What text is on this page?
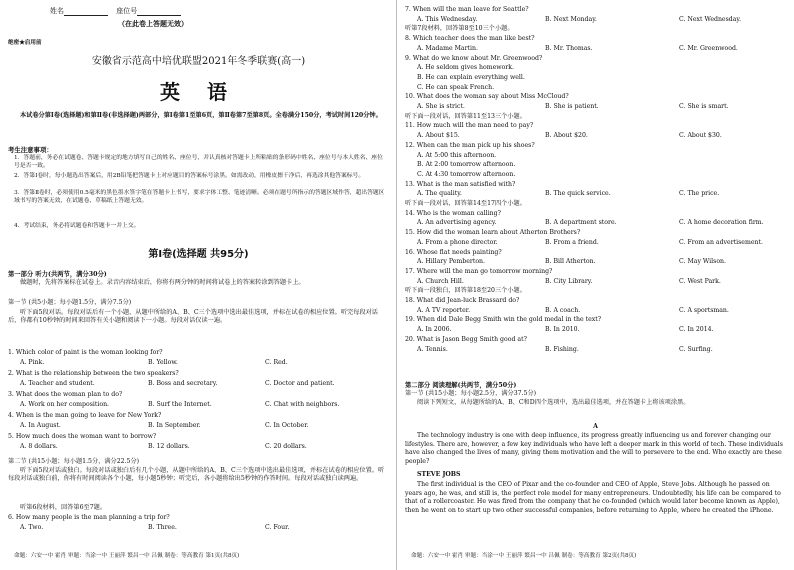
姓名	座位号
（在此卷上答题无效）
绝密★启用前
安徽省示范高中培优联盟2021年冬季联赛(高一)
英 语
本试卷分第Ⅰ卷(选择题)和第Ⅱ卷(非选择题)两部分，第Ⅰ卷第1至第6页，第Ⅱ卷第7至第8页。全卷满分150分，考试时间120分钟。
考生注意事项：
1．答题前，务必在试题卷、答题卡规定的地方填写自己的姓名、座位号，并认真核对答题卡上所粘贴的条形码中姓名、座位号与本人姓名、座位号是否一致。
2．答第Ⅰ卷时，每小题选出答案后，用2B铅笔把答题卡上对应题目的答案标号涂黑。如需改动，用橡皮擦干净后，再选涂其他答案标号。
3．答第Ⅱ卷时，必须使用0.5毫米的黑色墨水签字笔在答题卡上书写，要求字体工整、笔迹清晰。必须在题号所指示的答题区域作答，超出答题区域书写的答案无效，在试题卷、草稿纸上答题无效。
4．考试结束，务必将试题卷和答题卡一并上交。
第Ⅰ卷(选择题 共95分)
第一部分 听力(共两节，满分30分)
做题时，先将答案标在试卷上。录音内容结束后，你将有两分钟的时间将试卷上的答案转涂到答题卡上。
第一节 (共5小题；每小题1.5分，满分7.5分)
听下面5段对话。每段对话后有一个小题，从题中所给的A、B、C三个选项中选出最佳选项，并标在试卷的相应位置。听完每段对话后，你都有10秒钟的时间来回答有关小题和阅读下一小题。每段对话仅读一遍。
1. Which color of paint is the woman looking for?
A. Pink.	B. Yellow.	C. Red.
2. What is the relationship between the two speakers?
A. Teacher and student.	B. Boss and secretary.	C. Doctor and patient.
3. What does the woman plan to do?
A. Work on her composition.	B. Surf the Internet.	C. Chat with neighbors.
4. When is the man going to leave for New York?
A. In August.	B. In September.	C. In October.
5. How much does the woman want to borrow?
A. 8 dollars.	B. 12 dollars.	C. 20 dollars.
第二节 (共15小题；每小题1.5分，满分22.5分)
听下面5段对话或独白。每段对话或独白后有几个小题，从题中所给的A、B、C三个选项中选出最佳选项，并标在试卷的相应位置。听每段对话或独白前，你将有时间阅读各个小题，每小题5秒钟；听完后，各小题将给出5秒钟的作答时间。每段对话或独白读两遍。
听第6段材料，回答第6至7题。
6. How many people is the man planning a trip for?
A. Two.	B. Three.	C. Four.
命题：六安一中 霍肖 审题：当涂一中 王丽萍 繁昌一中 吕佩 制卷：等高教育 第1页(共8页)
7. When will the man leave for Seattle?
A. This Wednesday.	B. Next Monday.	C. Next Wednesday.
听第7段材料，回答第8至10三个小题。
8. Which teacher does the man like best?
A. Madame Martin.	B. Mr. Thomas.	C. Mr. Greenwood.
9. What do we know about Mr. Greenwood?
A. He seldom gives homework.
B. He can explain everything well.
C. He can speak French.
10. What does the woman say about Miss McCloud?
A. She is strict.	B. She is patient.	C. She is smart.
听下面一段对话，回答第11至13三个小题。
11. How much will the man need to pay?
A. About $15.	B. About $20.	C. About $30.
12. When can the man pick up his shoes?
A. At 5:00 this afternoon.
B. At 2:00 tomorrow afternoon.
C. At 4:30 tomorrow afternoon.
13. What is the man satisfied with?
A. The quality.	B. The quick service.	C. The price.
听下面一段对话，回答第14至17四个小题。
14. Who is the woman calling?
A. An advertising agency.	B. A department store.	C. A home decoration firm.
15. How did the woman learn about Atherton Brothers?
A. From a phone director.	B. From a friend.	C. From an advertisement.
16. Whose flat needs painting?
A. Hillary Pemberton.	B. Bill Atherton.	C. May Wilson.
17. Where will the man go tomorrow morning?
A. Church Hill.	B. City Library.	C. West Park.
听下面一段独白，回答第18至20三个小题。
18. What did Jean-luck Brassard do?
A. A TV reporter.	B. A coach.	C. A sportsman.
19. When did Dale Begg Smith win the gold medal in the text?
A. In 2006.	B. In 2010.	C. In 2014.
20. What is Jason Begg Smith good at?
A. Tennis.	B. Fishing.	C. Surfing.
第二部分 阅读理解(共两节，满分50分)
第一节 (共15小题；每小题2.5分，满分37.5分)
阅读下列短文，从每题所给的A、B、C和D四个选项中，选出最佳选项，并在答题卡上将该项涂黑。
A
The technology industry is one with deep influence, its progress greatly influencing us and forever changing our lifestyles. There are, however, a few key individuals who have left a deeper mark in this world of tech. These individuals have also changed the lives of many, giving them motivation and the will to persevere to the end. Who exactly are these people?
STEVE JOBS
The first individual is the CEO of Pixar and the co-founder and CEO of Apple, Steve Jobs. Although he passed on years ago, he was, and still is, the perfect role model for many entrepreneurs. Undoubtedly, his life can be compared to that of a rollercoaster. He was fired from the company that he co-founded (which would later become known as Apple), then he went on to start up two other successful companies, before returning to Apple, where he created the iPhone.
命题：六安一中 霍肖 审题：当涂一中 王丽萍 繁昌一中 吕佩 制卷：等高教育 第2页(共8页)
